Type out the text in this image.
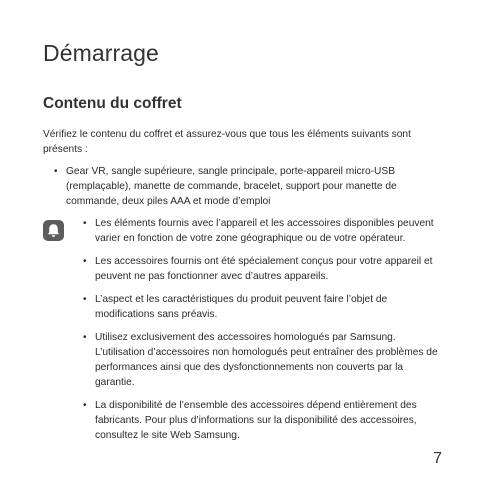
Démarrage
Contenu du coffret

Vérifiez le contenu du coffret et assurez-vous que tous les éléments suivants sont présents :

• Gear VR, sangle supérieure, sangle principale, porte-appareil micro-USB (remplaçable), manette de commande, bracelet, support pour manette de commande, deux piles AAA et mode d’emploi
• Les éléments fournis avec l’appareil et les accessoires disponibles peuvent varier en fonction de votre zone géographique ou de votre opérateur.
• Les accessoires fournis ont été spécialement conçus pour votre appareil et peuvent ne pas fonctionner avec d’autres appareils.
• L’aspect et les caractéristiques du produit peuvent faire l’objet de modifications sans préavis.
• Utilisez exclusivement des accessoires homologués par Samsung. L’utilisation d’accessoires non homologués peut entraîner des problèmes de performances ainsi que des dysfonctionnements non couverts par la garantie.
• La disponibilité de l’ensemble des accessoires dépend entièrement des fabricants. Pour plus d’informations sur la disponibilité des accessoires, consultez le site Web Samsung.

7
